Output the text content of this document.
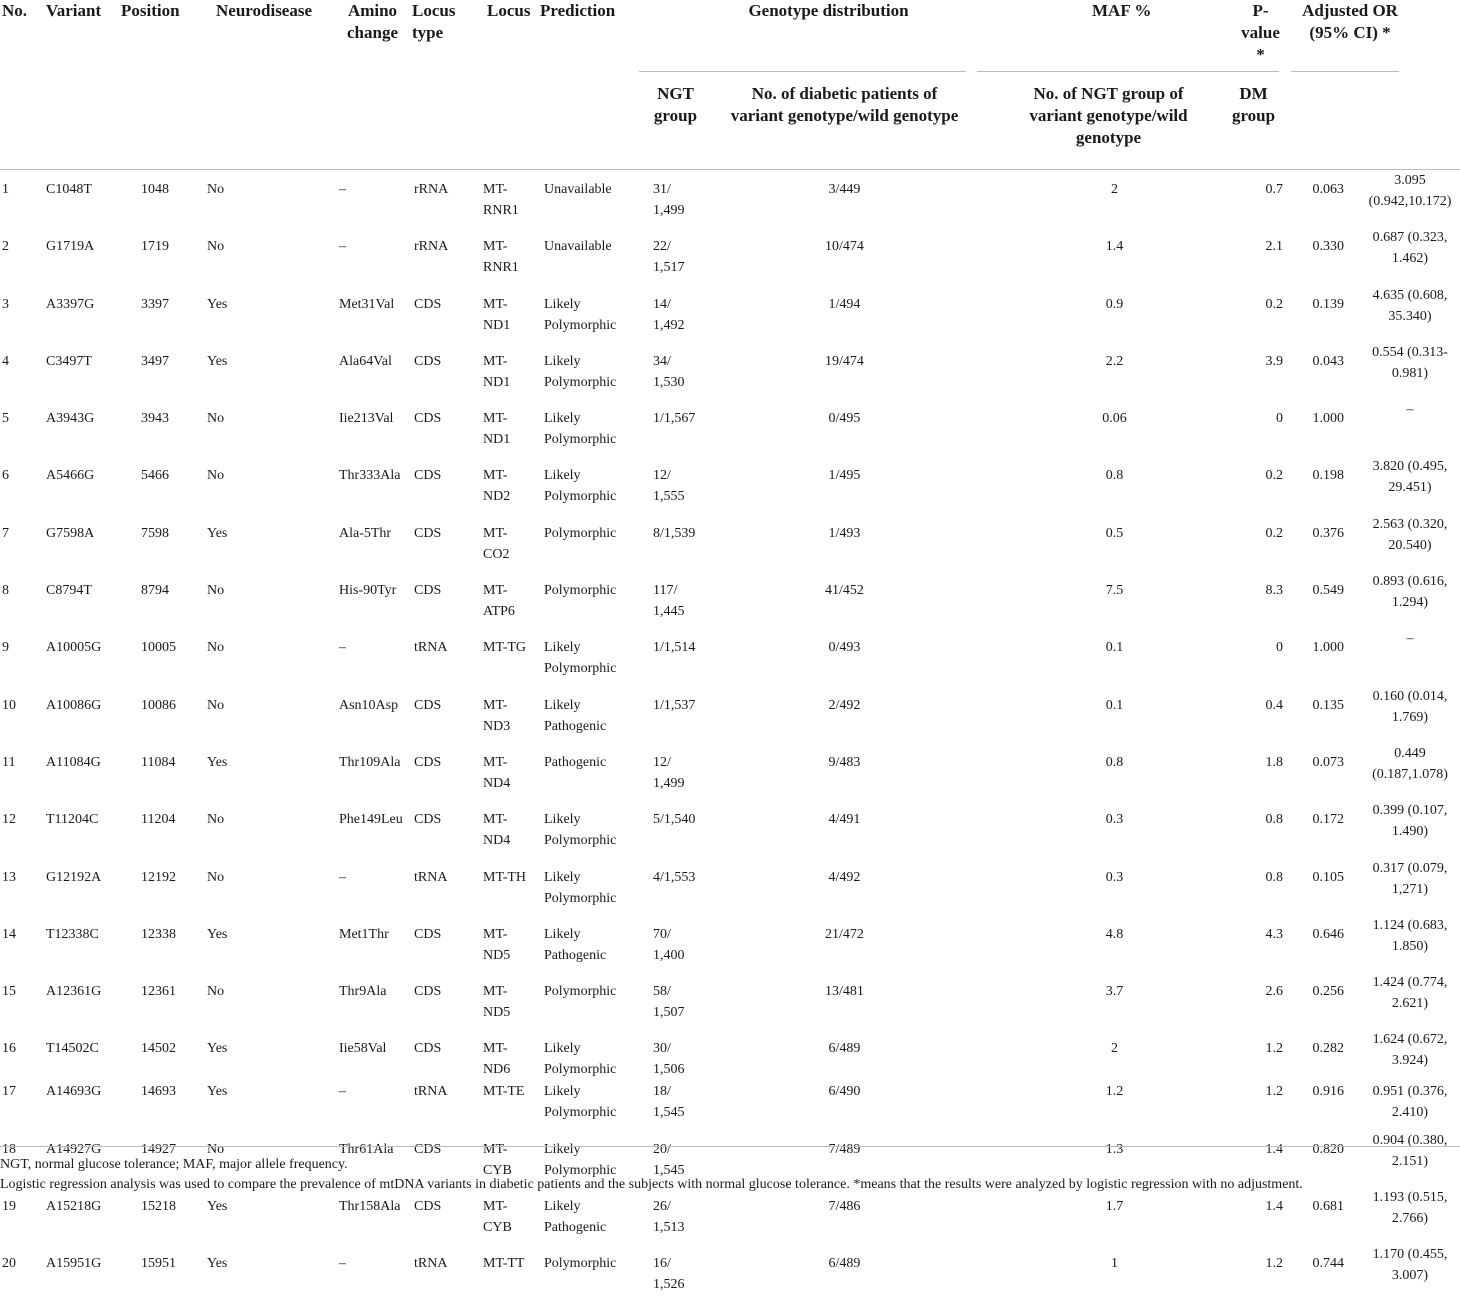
No.	Variant	Position	Neurodisease	Amino change	Locus type	Locus	Prediction	Genotype distribution MAF %			P-value *	Adjusted OR (95% CI) *	

								NGT group	No. of diabetic patients of variant genotype/wild genotype	No. of NGT group of variant genotype/wild genotype	DM group		
1	C1048T	1048	No	–	rRNA	MT-RNR1	Unavailable	31/ 1,499	3/449	2	0.7	0.063	3.095 (0.942,10.172)
2	G1719A	1719	No	–	rRNA	MT-RNR1	Unavailable	22/ 1,517	10/474	1.4	2.1	0.330	0.687 (0.323, 1.462)
3	A3397G	3397	Yes	Met31Val	CDS	MT-ND1	Likely Polymorphic	14/ 1,492	1/494	0.9	0.2	0.139	4.635 (0.608, 35.340)
4	C3497T	3497	Yes	Ala64Val	CDS	MT-ND1	Likely Polymorphic	34/ 1,530	19/474	2.2	3.9	0.043	0.554 (0.313-0.981)
5	A3943G	3943	No	Iie213Val	CDS	MT-ND1	Likely Polymorphic	1/1,567	0/495	0.06	0	1.000	–
6	A5466G	5466	No	Thr333Ala	CDS	MT-ND2	Likely Polymorphic	12/ 1,555	1/495	0.8	0.2	0.198	3.820 (0.495, 29.451)
7	G7598A	7598	Yes	Ala-5Thr	CDS	MT-CO2	Polymorphic	8/1,539	1/493	0.5	0.2	0.376	2.563 (0.320, 20.540)
8	C8794T	8794	No	His-90Tyr	CDS	MT-ATP6	Polymorphic	117/ 1,445	41/452	7.5	8.3	0.549	0.893 (0.616, 1.294)
9	A10005G	10005	No	–	tRNA	MT-TG	Likely Polymorphic	1/1,514	0/493	0.1	0	1.000	–
10	A10086G	10086	No	Asn10Asp	CDS	MT-ND3	Likely Pathogenic	1/1,537	2/492	0.1	0.4	0.135	0.160 (0.014, 1.769)
11	A11084G	11084	Yes	Thr109Ala	CDS	MT-ND4	Pathogenic	12/ 1,499	9/483	0.8	1.8	0.073	0.449 (0.187,1.078)
12	T11204C	11204	No	Phe149Leu	CDS	MT-ND4	Likely Polymorphic	5/1,540	4/491	0.3	0.8	0.172	0.399 (0.107, 1.490)
13	G12192A	12192	No	–	tRNA	MT-TH	Likely Polymorphic	4/1,553	4/492	0.3	0.8	0.105	0.317 (0.079, 1,271)
14	T12338C	12338	Yes	Met1Thr	CDS	MT-ND5	Likely Pathogenic	70/ 1,400	21/472	4.8	4.3	0.646	1.124 (0.683, 1.850)
15	A12361G	12361	No	Thr9Ala	CDS	MT-ND5	Polymorphic	58/ 1,507	13/481	3.7	2.6	0.256	1.424 (0.774, 2.621)
16	T14502C	14502	Yes	Iie58Val	CDS	MT-ND6	Likely Polymorphic	30/ 1,506	6/489	2	1.2	0.282	1.624 (0.672, 3.924)
17	A14693G	14693	Yes	–	tRNA	MT-TE	Likely Polymorphic	18/ 1,545	6/490	1.2	1.2	0.916	0.951 (0.376, 2.410)
18	A14927G	14927	No	Thr61Ala	CDS	MT-CYB	Likely Polymorphic	20/ 1,545	7/489	1.3	1.4	0.820	0.904 (0.380, 2.151)
19	A15218G	15218	Yes	Thr158Ala	CDS	MT-CYB	Likely Pathogenic	26/ 1,513	7/486	1.7	1.4	0.681	1.193 (0.515, 2.766)
20	A15951G	15951	Yes	–	tRNA	MT-TT	Polymorphic	16/ 1,526	6/489	1	1.2	0.744	1.170 (0.455, 3.007)

NGT, normal glucose tolerance; MAF, major allele frequency.

Logistic regression analysis was used to compare the prevalence of mtDNA variants in diabetic patients and the subjects with normal glucose tolerance. *means that the results were analyzed by logistic regression with no adjustment.
